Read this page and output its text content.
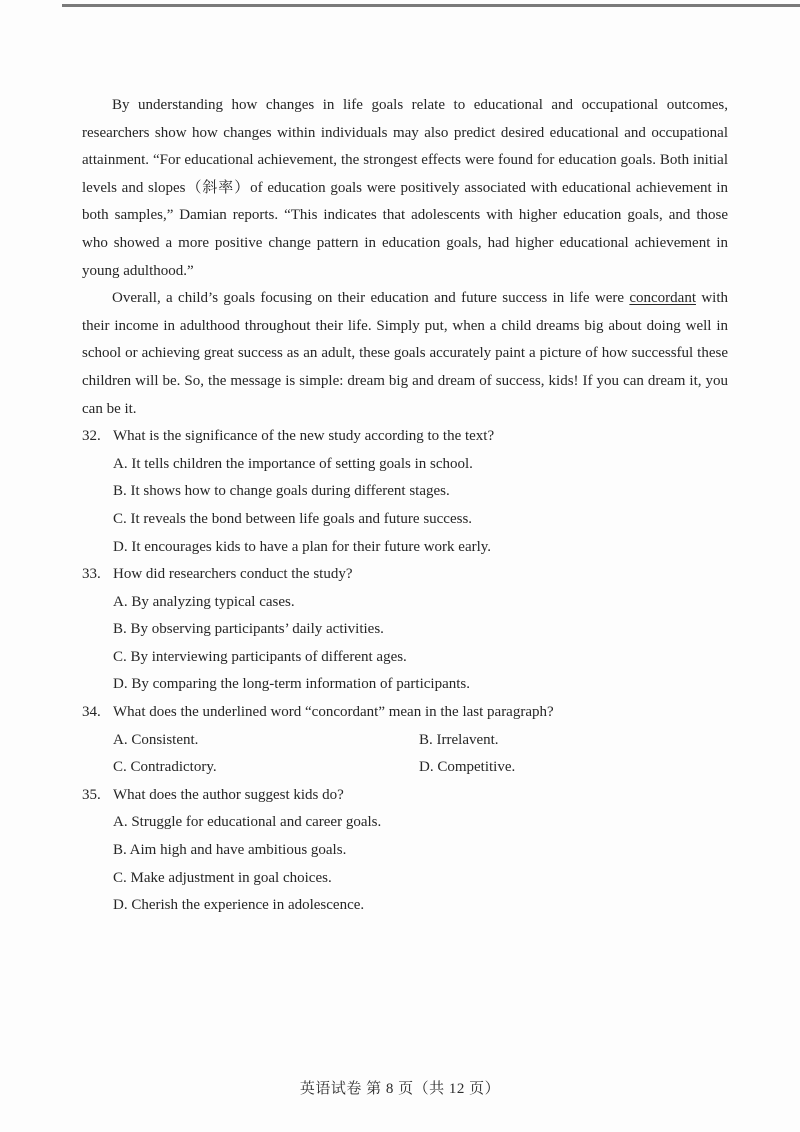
By understanding how changes in life goals relate to educational and occupational outcomes, researchers show how changes within individuals may also predict desired educational and occupational attainment. “For educational achievement, the strongest effects were found for education goals. Both initial levels and slopes（斜率）of education goals were positively associated with educational achievement in both samples,” Damian reports. “This indicates that adolescents with higher education goals, and those who showed a more positive change pattern in education goals, had higher educational achievement in young adulthood.”

Overall, a child’s goals focusing on their education and future success in life were concordant with their income in adulthood throughout their life. Simply put, when a child dreams big about doing well in school or achieving great success as an adult, these goals accurately paint a picture of how successful these children will be. So, the message is simple: dream big and dream of success, kids! If you can dream it, you can be it.

32. What is the significance of the new study according to the text?
A. It tells children the importance of setting goals in school.
B. It shows how to change goals during different stages.
C. It reveals the bond between life goals and future success.
D. It encourages kids to have a plan for their future work early.
33. How did researchers conduct the study?
A. By analyzing typical cases.
B. By observing participants’ daily activities.
C. By interviewing participants of different ages.
D. By comparing the long-term information of participants.
34. What does the underlined word “concordant” mean in the last paragraph?
A. Consistent.	B. Irrelavent.
C. Contradictory.	D. Competitive.
35. What does the author suggest kids do?
A. Struggle for educational and career goals.
B. Aim high and have ambitious goals.
C. Make adjustment in goal choices.
D. Cherish the experience in adolescence.
英语试卷 第 8 页（共 12 页）
